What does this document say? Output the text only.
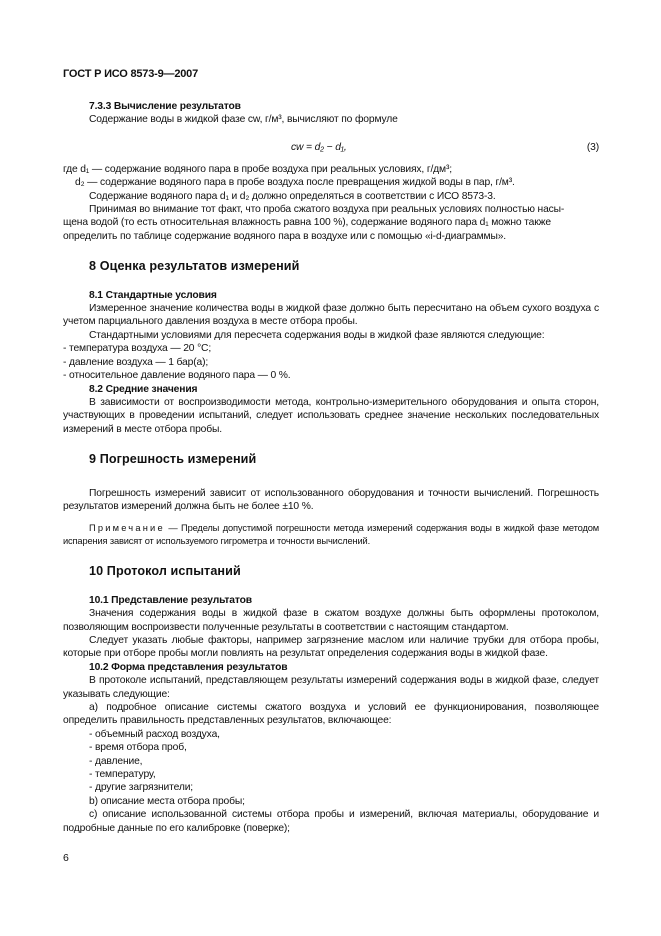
ГОСТ Р ИСО 8573-9—2007

7.3.3 Вычисление результатов

Содержание воды в жидкой фазе cw, г/м³, вычисляют по формуле

cw = d₂ − d₁,	(3)

где d₁ — содержание водяного пара в пробе воздуха при реальных условиях, г/дм³;

d₂ — содержание водяного пара в пробе воздуха после превращения жидкой воды в пар, г/м³.

Содержание водяного пара d₁ и d₂ должно определяться в соответствии с ИСО 8573-3.

Принимая во внимание тот факт, что проба сжатого воздуха при реальных условиях полностью насы-

щена водой (то есть относительная влажность равна 100 %), содержание водяного пара d₁ можно также

определить по таблице содержание водяного пара в воздухе или с помощью «i-d-диаграммы».

8 Оценка результатов измерений

8.1 Стандартные условия

Измеренное значение количества воды в жидкой фазе должно быть пересчитано на объем сухого воздуха с учетом парциального давления воздуха в месте отбора пробы.

Стандартными условиями для пересчета содержания воды в жидкой фазе являются следующие:

- температура воздуха — 20 °С;

- давление воздуха — 1 бар(а);

- относительное давление водяного пара — 0 %.

8.2 Средние значения

В зависимости от воспроизводимости метода, контрольно-измерительного оборудования и опыта сторон, участвующих в проведении испытаний, следует использовать среднее значение нескольких последовательных измерений в месте отбора пробы.

9 Погрешность измерений

Погрешность измерений зависит от использованного оборудования и точности вычислений. Погрешность результатов измерений должна быть не более ±10 %.

Примечание — Пределы допустимой погрешности метода измерений содержания воды в жидкой фазе методом испарения зависят от используемого гигрометра и точности вычислений.

10 Протокол испытаний

10.1 Представление результатов

Значения содержания воды в жидкой фазе в сжатом воздухе должны быть оформлены протоколом, позволяющим воспроизвести полученные результаты в соответствии с настоящим стандартом.

Следует указать любые факторы, например загрязнение маслом или наличие трубки для отбора пробы, которые при отборе пробы могли повлиять на результат определения содержания воды в жидкой фазе.

10.2 Форма представления результатов

В протоколе испытаний, представляющем результаты измерений содержания воды в жидкой фазе, следует указывать следующие:

а) подробное описание системы сжатого воздуха и условий ее функционирования, позволяющее определить правильность представленных результатов, включающее:

- объемный расход воздуха,

- время отбора проб,

- давление,

- температуру,

- другие загрязнители;

b) описание места отбора пробы;

с) описание использованной системы отбора пробы и измерений, включая материалы, оборудование и подробные данные по его калибровке (поверке);

6
